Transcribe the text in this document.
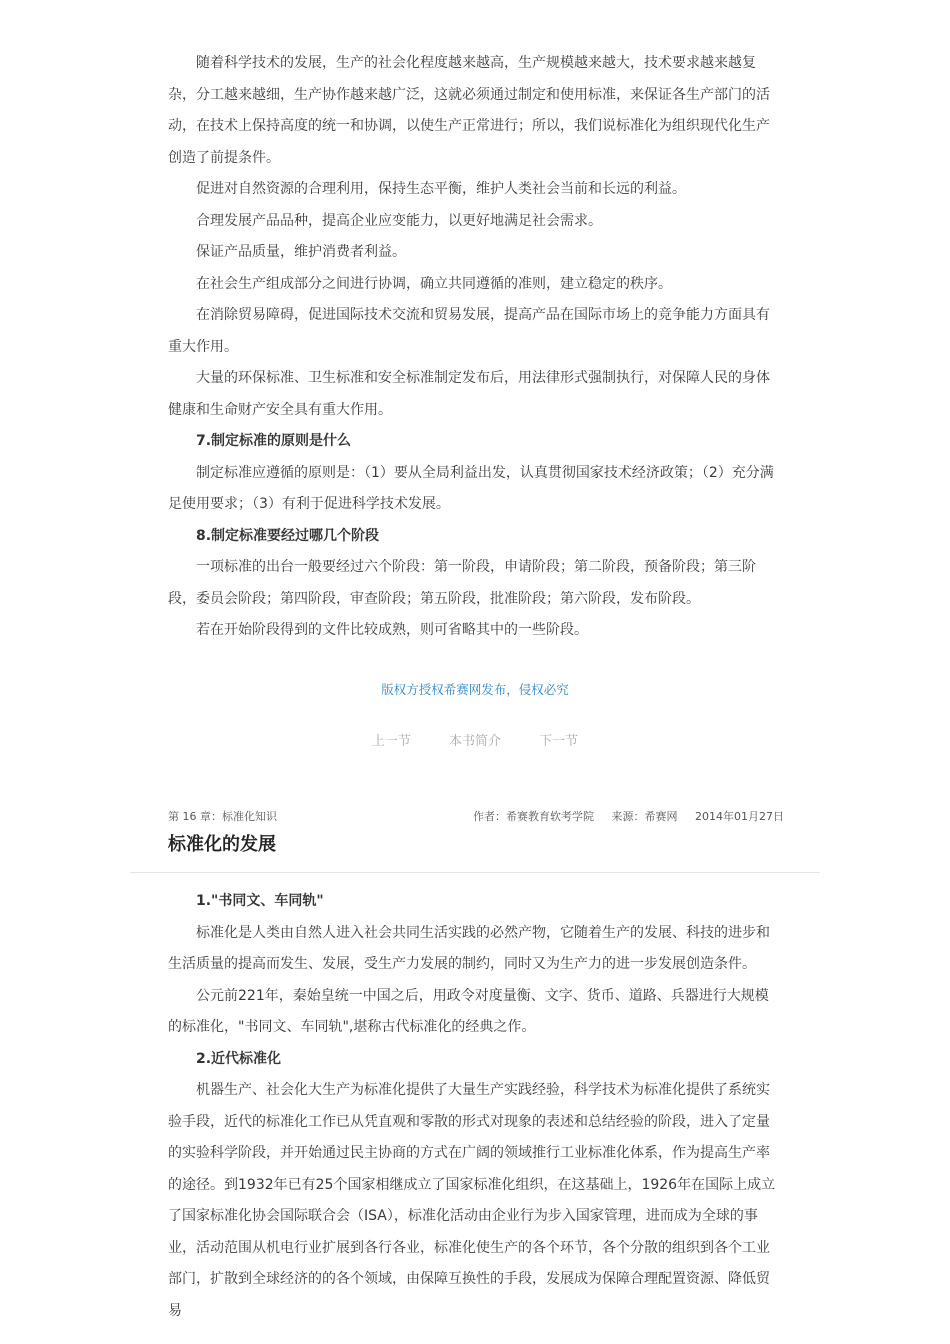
随着科学技术的发展，生产的社会化程度越来越高，生产规模越来越大，技术要求越来越复杂，分工越来越细，生产协作越来越广泛，这就必须通过制定和使用标准，来保证各生产部门的活动，在技术上保持高度的统一和协调，以使生产正常进行；所以，我们说标准化为组织现代化生产创造了前提条件。

促进对自然资源的合理利用，保持生态平衡，维护人类社会当前和长远的利益。

合理发展产品品种，提高企业应变能力，以更好地满足社会需求。

保证产品质量，维护消费者利益。

在社会生产组成部分之间进行协调，确立共同遵循的准则，建立稳定的秩序。

在消除贸易障碍，促进国际技术交流和贸易发展，提高产品在国际市场上的竞争能力方面具有重大作用。

大量的环保标准、卫生标准和安全标准制定发布后，用法律形式强制执行，对保障人民的身体健康和生命财产安全具有重大作用。

7.制定标准的原则是什么

制定标准应遵循的原则是：（1）要从全局利益出发，认真贯彻国家技术经济政策；（2）充分满足使用要求；（3）有利于促进科学技术发展。

8.制定标准要经过哪几个阶段

一项标准的出台一般要经过六个阶段：第一阶段，申请阶段；第二阶段，预备阶段；第三阶段，委员会阶段；第四阶段，审查阶段；第五阶段，批准阶段；第六阶段，发布阶段。

若在开始阶段得到的文件比较成熟，则可省略其中的一些阶段。

版权方授权希赛网发布，侵权必究
上一节	本书简介	下一节
第 16 章：标准化知识	作者：希赛教育软考学院 来源：希赛网 2014年01月27日
标准化的发展

1."书同文、车同轨"

标准化是人类由自然人进入社会共同生活实践的必然产物，它随着生产的发展、科技的进步和生活质量的提高而发生、发展，受生产力发展的制约，同时又为生产力的进一步发展创造条件。

公元前221年，秦始皇统一中国之后，用政令对度量衡、文字、货币、道路、兵器进行大规模的标准化，"书同文、车同轨",堪称古代标准化的经典之作。

2.近代标准化

机器生产、社会化大生产为标准化提供了大量生产实践经验，科学技术为标准化提供了系统实验手段，近代的标准化工作已从凭直观和零散的形式对现象的表述和总结经验的阶段，进入了定量的实验科学阶段，并开始通过民主协商的方式在广阔的领域推行工业标准化体系，作为提高生产率的途径。到1932年已有25个国家相继成立了国家标准化组织，在这基础上，1926年在国际上成立了国家标准化协会国际联合会（ISA），标准化活动由企业行为步入国家管理，进而成为全球的事业，活动范围从机电行业扩展到各行各业，标准化使生产的各个环节，各个分散的组织到各个工业部门，扩散到全球经济的的各个领域，由保障互换性的手段，发展成为保障合理配置资源、降低贸易
